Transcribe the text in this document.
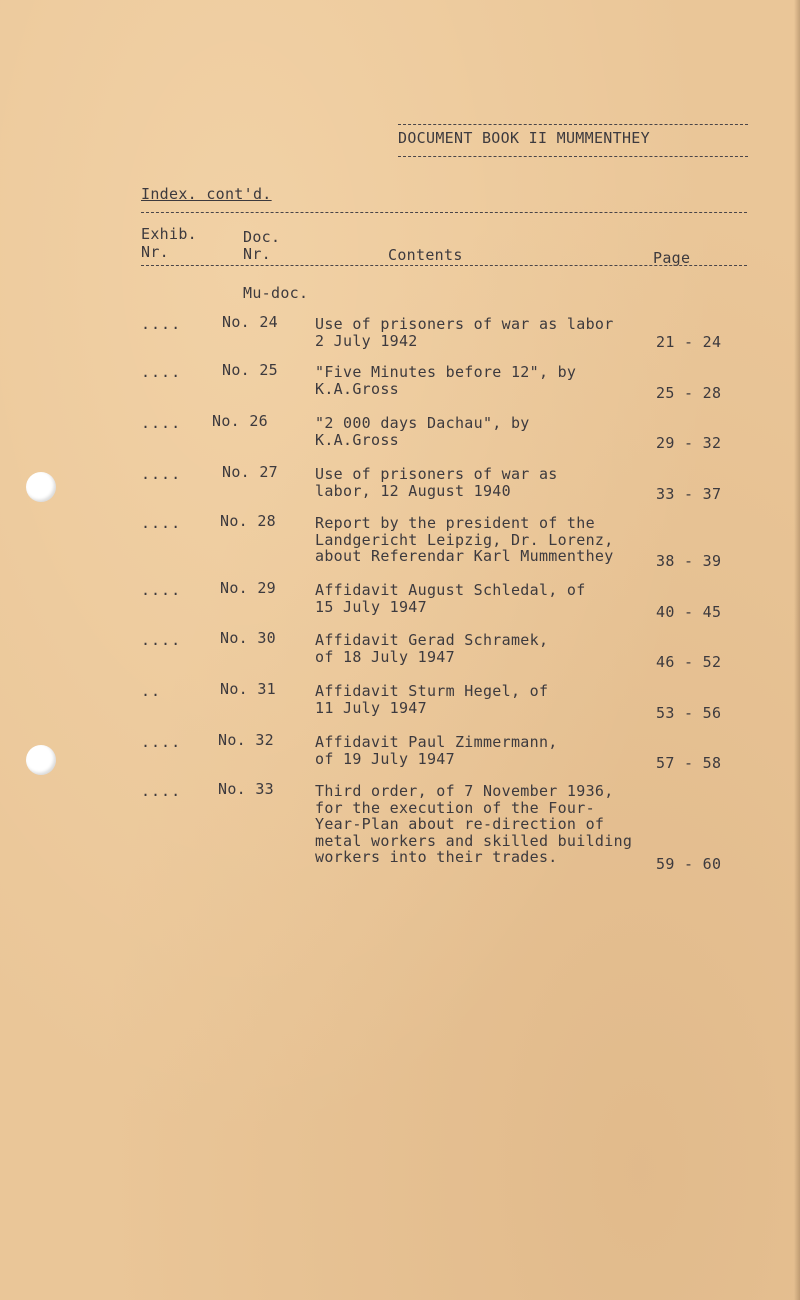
DOCUMENT BOOK II MUMMENTHEY
Index. cont'd.
Exhib.
Nr.
Doc.
Nr.	Contents	Page
Mu-doc.
....	No. 24 Use of prisoners of war as labor
2 July 1942	21 - 24
....	No. 25 "Five Minutes before 12", by
K.A.Gross	25 - 28
.... No. 26	"2 000 days Dachau", by
K.A.Gross	29 - 32
....	No. 27 Use of prisoners of war as
labor, 12 August 1940	33 - 37
....	No. 28	Report by the president of the
Landgericht Leipzig, Dr. Lorenz,
about Referendar Karl Mummenthey	38 - 39
....	No. 29	Affidavit August Schledal, of
15 July 1947	40 - 45
....	No. 30	Affidavit Gerad Schramek,
of 18 July 1947	46 - 52
..	No. 31	Affidavit Sturm Hegel, of
11 July 1947	53 - 56
.... No. 32	Affidavit Paul Zimmermann,
of 19 July 1947	57 - 58
.... No. 33	Third order, of 7 November 1936,
for the execution of the Four-
Year-Plan about re-direction of
metal workers and skilled building
workers into their trades.	59 - 60
